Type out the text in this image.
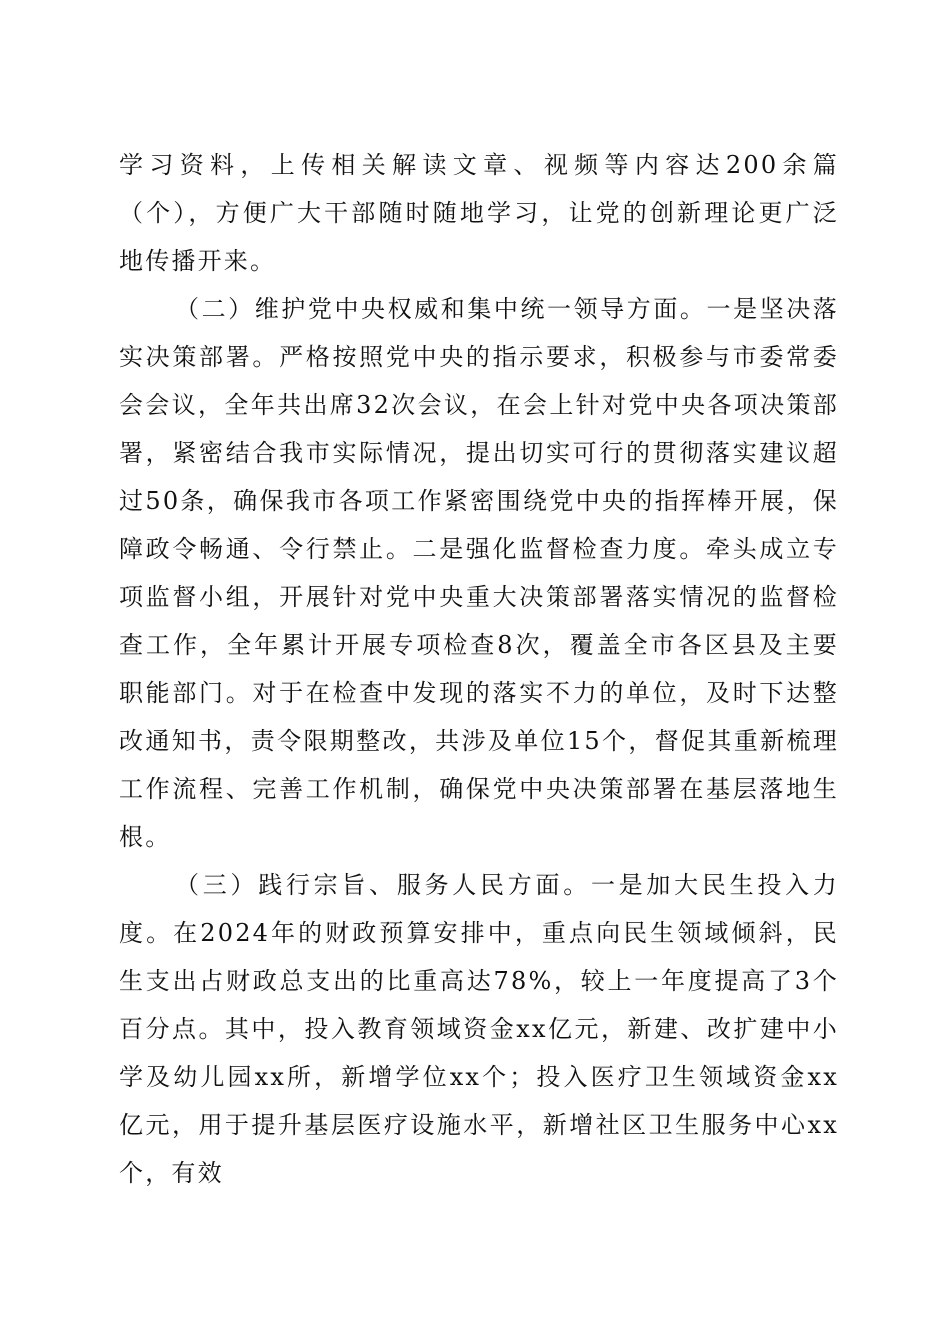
学习资料，上传相关解读文章、视频等内容达200余篇（个），方便广大干部随时随地学习，让党的创新理论更广泛地传播开来。

（二）维护党中央权威和集中统一领导方面。一是坚决落实决策部署。严格按照党中央的指示要求，积极参与市委常委会会议，全年共出席32次会议，在会上针对党中央各项决策部署，紧密结合我市实际情况，提出切实可行的贯彻落实建议超过50条，确保我市各项工作紧密围绕党中央的指挥棒开展，保障政令畅通、令行禁止。二是强化监督检查力度。牵头成立专项监督小组，开展针对党中央重大决策部署落实情况的监督检查工作，全年累计开展专项检查8次，覆盖全市各区县及主要职能部门。对于在检查中发现的落实不力的单位，及时下达整改通知书，责令限期整改，共涉及单位15个，督促其重新梳理工作流程、完善工作机制，确保党中央决策部署在基层落地生根。

（三）践行宗旨、服务人民方面。一是加大民生投入力度。在2024年的财政预算安排中，重点向民生领域倾斜，民生支出占财政总支出的比重高达78%，较上一年度提高了3个百分点。其中，投入教育领域资金xx亿元，新建、改扩建中小学及幼儿园xx所，新增学位xx个；投入医疗卫生领域资金xx亿元，用于提升基层医疗设施水平，新增社区卫生服务中心xx个，有效
